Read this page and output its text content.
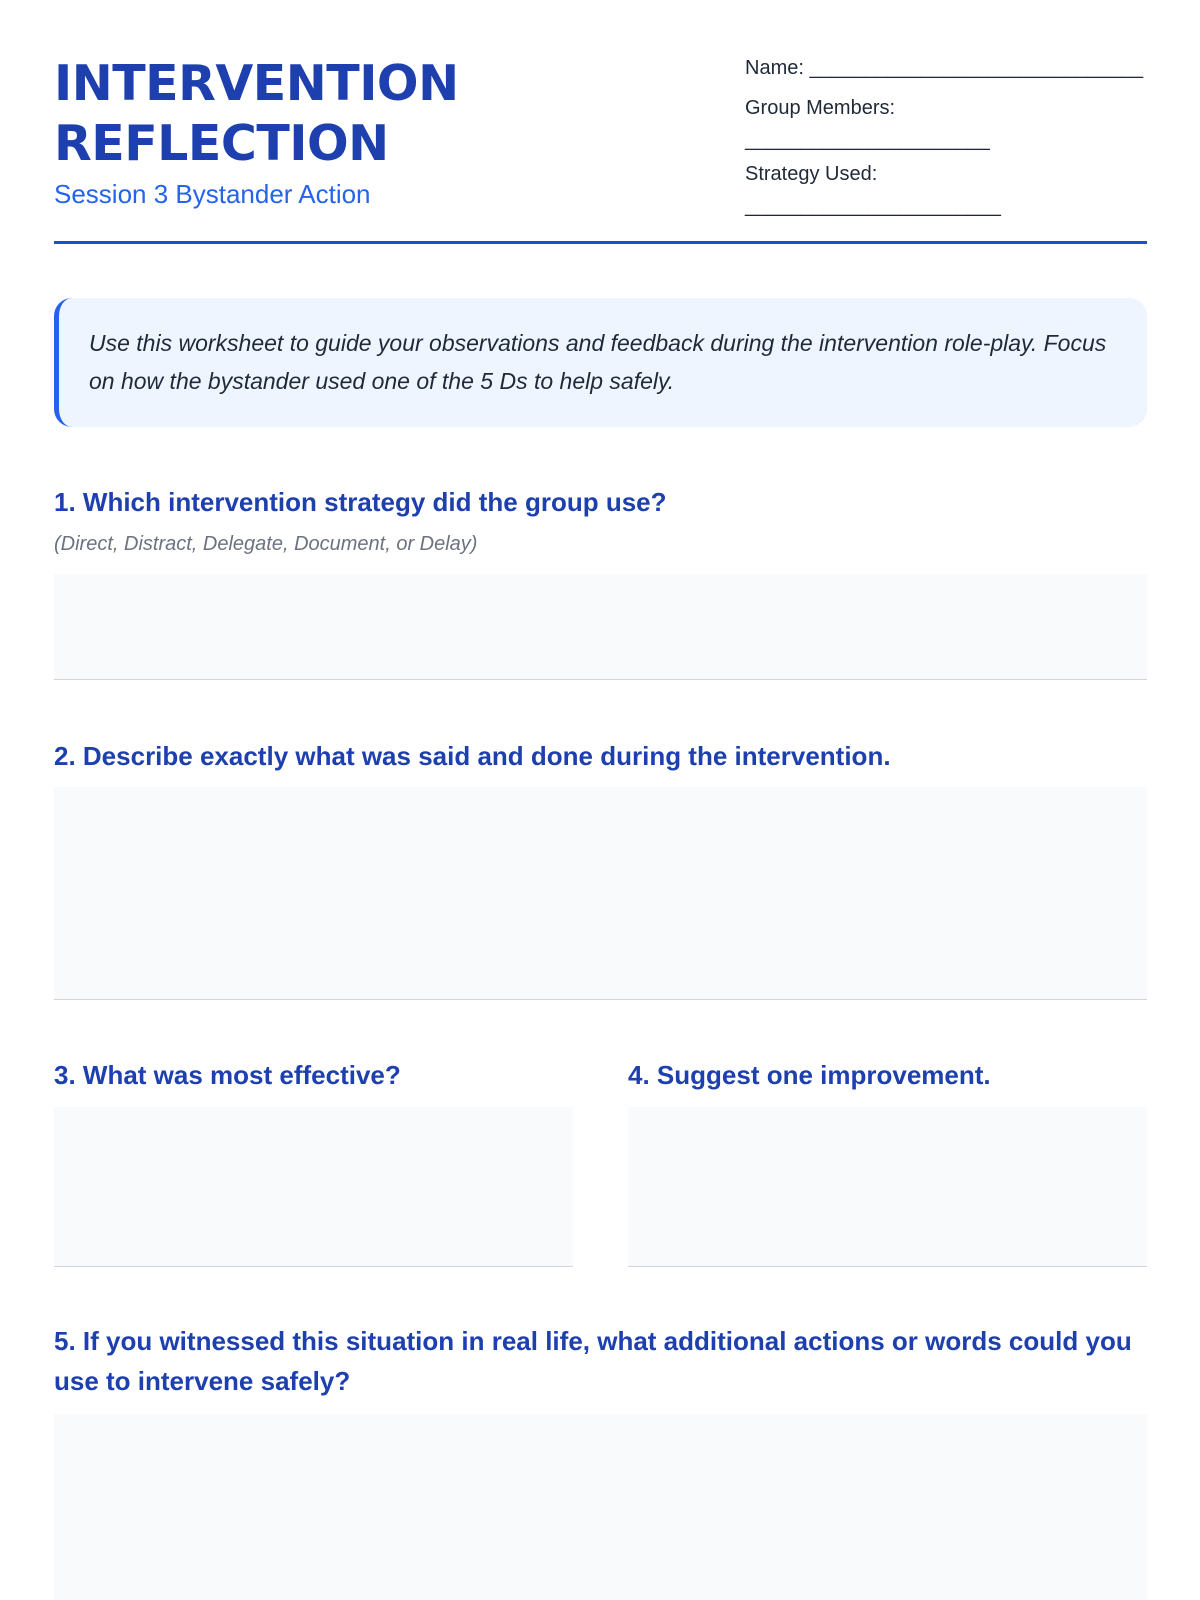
INTERVENTION
REFLECTION
Session 3 Bystander Action
Name: ______________________________
Group Members:
______________________
Strategy Used:
_______________________
Use this worksheet to guide your observations and feedback during the intervention role-play. Focus on how the bystander used one of the 5 Ds to help safely.
1. Which intervention strategy did the group use?
(Direct, Distract, Delegate, Document, or Delay)
2. Describe exactly what was said and done during the intervention.
3. What was most effective?	4. Suggest one improvement.
5. If you witnessed this situation in real life, what additional actions or words could you use to intervene safely?
